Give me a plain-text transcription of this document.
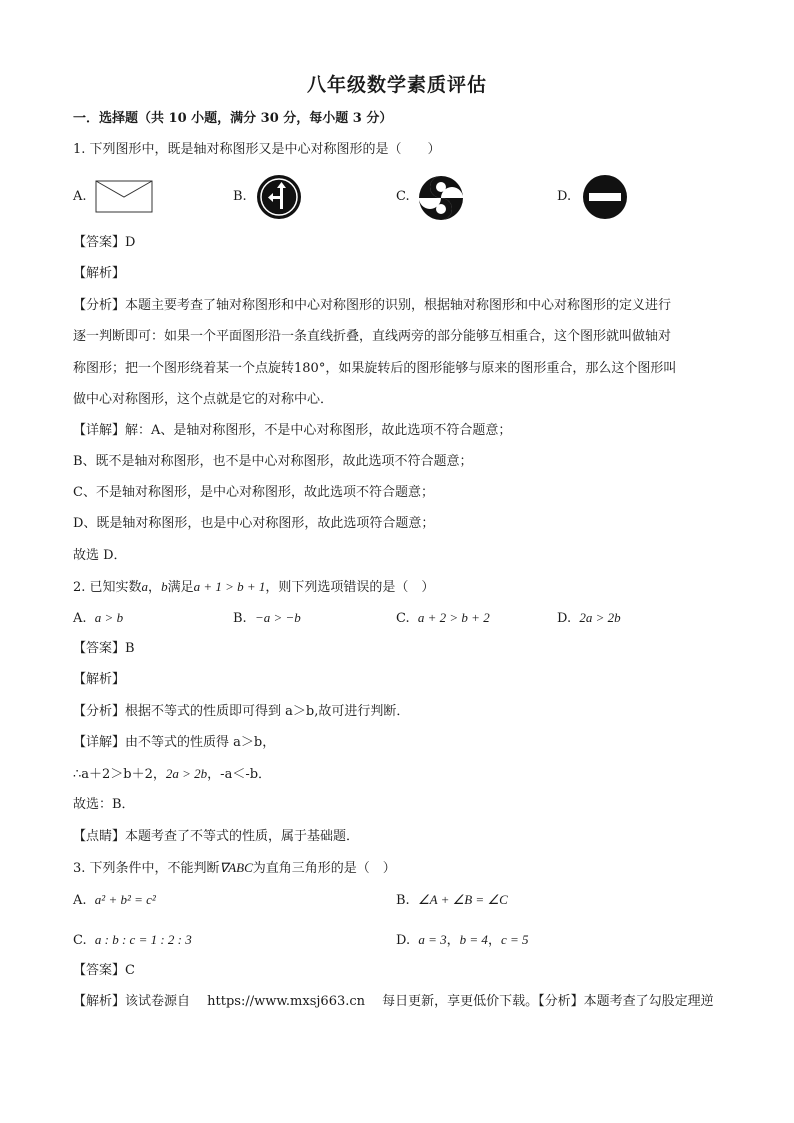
八年级数学素质评估
一．选择题（共 10 小题，满分 30 分，每小题 3 分）
1. 下列图形中，既是轴对称图形又是中心对称图形的是（　　）
A.	B.	C.	D.
【答案】D
【解析】
【分析】本题主要考查了轴对称图形和中心对称图形的识别，根据轴对称图形和中心对称图形的定义进行
逐一判断即可：如果一个平面图形沿一条直线折叠，直线两旁的部分能够互相重合，这个图形就叫做轴对
称图形；把一个图形绕着某一个点旋转180°，如果旋转后的图形能够与原来的图形重合，那么这个图形叫
做中心对称图形，这个点就是它的对称中心．
【详解】解：A、是轴对称图形，不是中心对称图形，故此选项不符合题意；
B、既不是轴对称图形，也不是中心对称图形，故此选项不符合题意；
C、不是轴对称图形，是中心对称图形，故此选项不符合题意；
D、既是轴对称图形，也是中心对称图形，故此选项符合题意；
故选 D．
2. 已知实数a，b满足a + 1 > b + 1，则下列选项错误的是（　）
A. a > b	B. −a > −b	C. a + 2 > b + 2	D. 2a > 2b
【答案】B
【解析】
【分析】根据不等式的性质即可得到 a＞b,故可进行判断．
【详解】由不等式的性质得 a＞b，
∴a＋2＞b＋2，2a > 2b，-a＜-b．
故选：B．
【点睛】本题考查了不等式的性质，属于基础题．
3. 下列条件中，不能判断∇ABC为直角三角形的是（　）
A. a² + b² = c²	B. ∠A + ∠B = ∠C
C. a : b : c = 1 : 2 : 3	D. a = 3，b = 4，c = 5
【答案】C
【解析】该试卷源自　 https://www.mxsj663.cn　 每日更新，享更低价下载。【分析】本题考查了勾股定理逆
